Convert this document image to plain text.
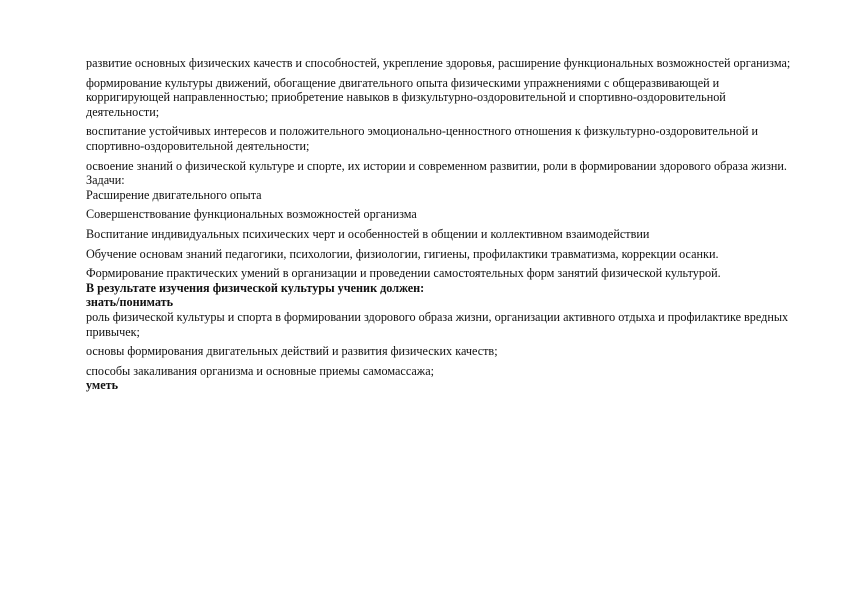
развитие основных физических качеств и способностей, укрепление здоровья, расширение функциональных возможностей организма;

формирование культуры движений, обогащение двигательного опыта физическими упражнениями с общеразвивающей и корригирующей направленностью; приобретение навыков в физкультурно-оздоровительной и спортивно-оздоровительной деятельности;

воспитание устойчивых интересов и положительного эмоционально-ценностного отношения к физкультурно-оздоровительной и спортивно-оздоровительной деятельности;

освоение знаний о физической культуре и спорте, их истории и современном развитии, роли в формировании здорового образа жизни.

Задачи:

Расширение двигательного опыта

Совершенствование функциональных возможностей организма

Воспитание индивидуальных психических черт и особенностей в общении и коллективном взаимодействии

Обучение основам знаний педагогики, психологии, физиологии, гигиены, профилактики травматизма, коррекции осанки.

Формирование практических умений в организации и проведении самостоятельных форм занятий физической культурой.

В результате изучения физической культуры ученик должен:

знать/понимать

роль физической культуры и спорта в формировании здорового образа жизни, организации активного отдыха и профилактике вредных привычек;

основы формирования двигательных действий и развития физических качеств;

способы закаливания организма и основные приемы самомассажа;

уметь
